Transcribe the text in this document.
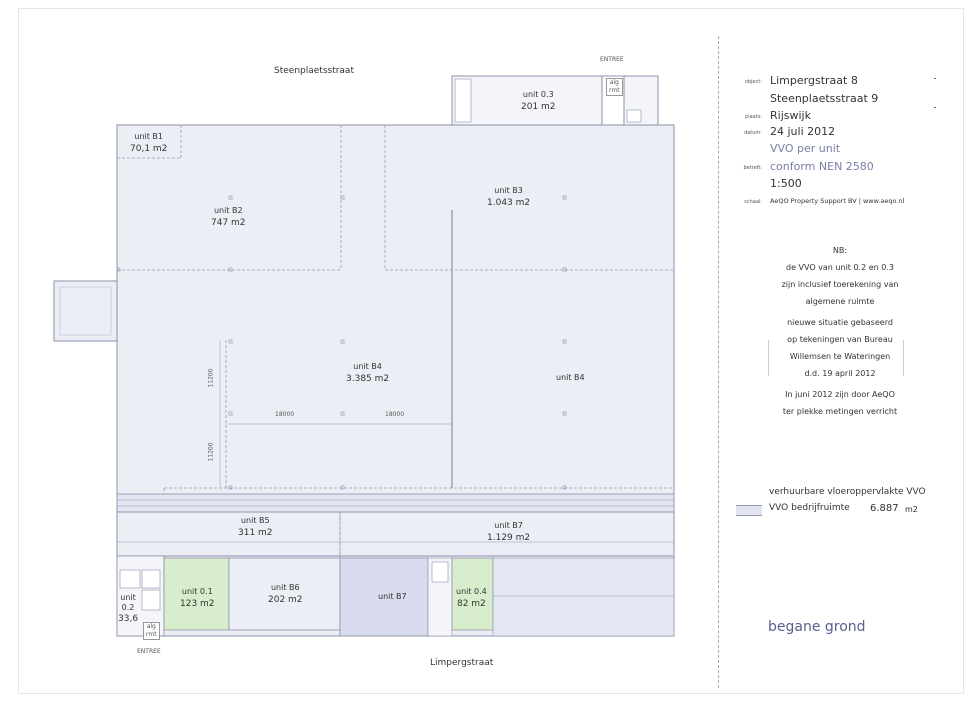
Steenplaetsstraat
Limpergstraat
ENTREE
ENTREE
alg
rmt
alg
rmt
unit B1
70,1 m2
unit B2
747 m2
unit 0.3
201 m2
unit B3
1.043 m2
unit B4
3.385 m2	unit B4
unit B5
311 m2
unit B7
1.129 m2
unit 0.1
123 m2
unit B6
202 m2	unit B7
unit 0.4
82 m2
unit
0.2
33,6
18000	18000
11200
11200
object: Limpergstraat 8
Steenplaetsstraat 9
plaats: Rijswijk
datum: 24 juli 2012
VVO per unit
betreft: conform NEN 2580
1:500
schaal: AeQO Property Support BV | www.aeqo.nl
NB:
de VVO van unit 0.2 en 0.3
zijn inclusief toerekening van
algemene ruimte
nieuwe situatie gebaseerd
op tekeningen van Bureau
Willemsen te Wateringen
d.d. 19 april 2012
In juni 2012 zijn door AeQO
ter plekke metingen verricht
verhuurbare vloeroppervlakte VVO
VVO bedrijfruimte 6.887 m2
begane grond
